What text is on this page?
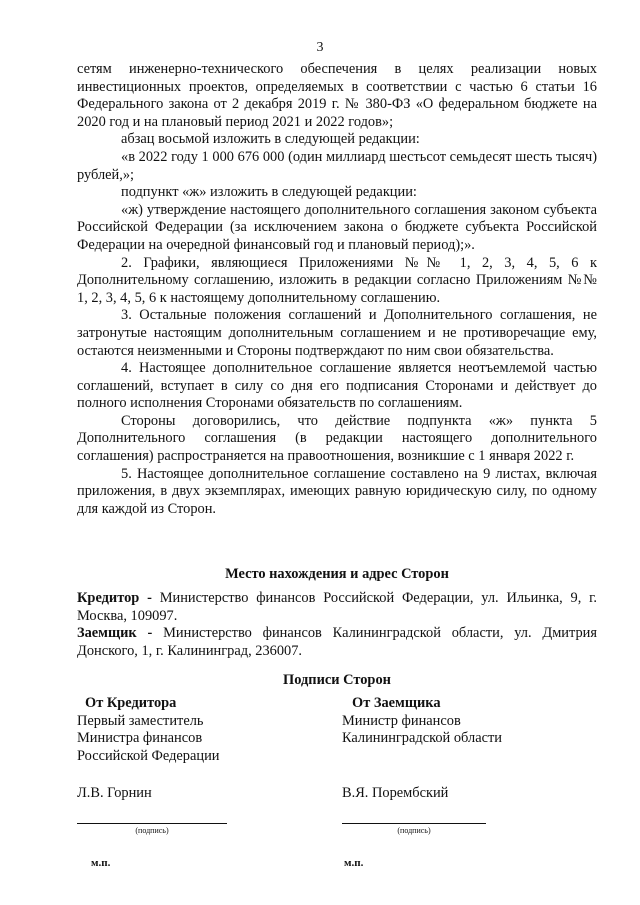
3

сетям инженерно-технического обеспечения в целях реализации новых инвестиционных проектов, определяемых в соответствии с частью 6 статьи 16 Федерального закона от 2 декабря 2019 г. № 380-ФЗ «О федеральном бюджете на 2020 год и на плановый период 2021 и 2022 годов»;

абзац восьмой изложить в следующей редакции:

«в 2022 году 1 000 676 000 (один миллиард шестьсот семьдесят шесть тысяч) рублей,»;

подпункт «ж» изложить в следующей редакции:

«ж) утверждение настоящего дополнительного соглашения законом субъекта Российской Федерации (за исключением закона о бюджете субъекта Российской Федерации на очередной финансовый год и плановый период);».

2. Графики, являющиеся Приложениями №№ 1, 2, 3, 4, 5, 6 к Дополнительному соглашению, изложить в редакции согласно Приложениям №№ 1, 2, 3, 4, 5, 6 к настоящему дополнительному соглашению.

3. Остальные положения соглашений и Дополнительного соглашения, не затронутые настоящим дополнительным соглашением и не противоречащие ему, остаются неизменными и Стороны подтверждают по ним свои обязательства.

4. Настоящее дополнительное соглашение является неотъемлемой частью соглашений, вступает в силу со дня его подписания Сторонами и действует до полного исполнения Сторонами обязательств по соглашениям.

Стороны договорились, что действие подпункта «ж» пункта 5 Дополнительного соглашения (в редакции настоящего дополнительного соглашения) распространяется на правоотношения, возникшие с 1 января 2022 г.

5. Настоящее дополнительное соглашение составлено на 9 листах, включая приложения, в двух экземплярах, имеющих равную юридическую силу, по одному для каждой из Сторон.

Место нахождения и адрес Сторон

Кредитор - Министерство финансов Российской Федерации, ул. Ильинка, 9, г. Москва, 109097.

Заемщик - Министерство финансов Калининградской области, ул. Дмитрия Донского, 1, г. Калининград, 236007.

Подписи Сторон
От Кредитора
Первый заместитель
Министра финансов
Российской Федерации
Л.В. Горнин
(подпись)
м.п.
От Заемщика
Министр финансов
Калининградской области
В.Я. Порембский
(подпись)
м.п.
